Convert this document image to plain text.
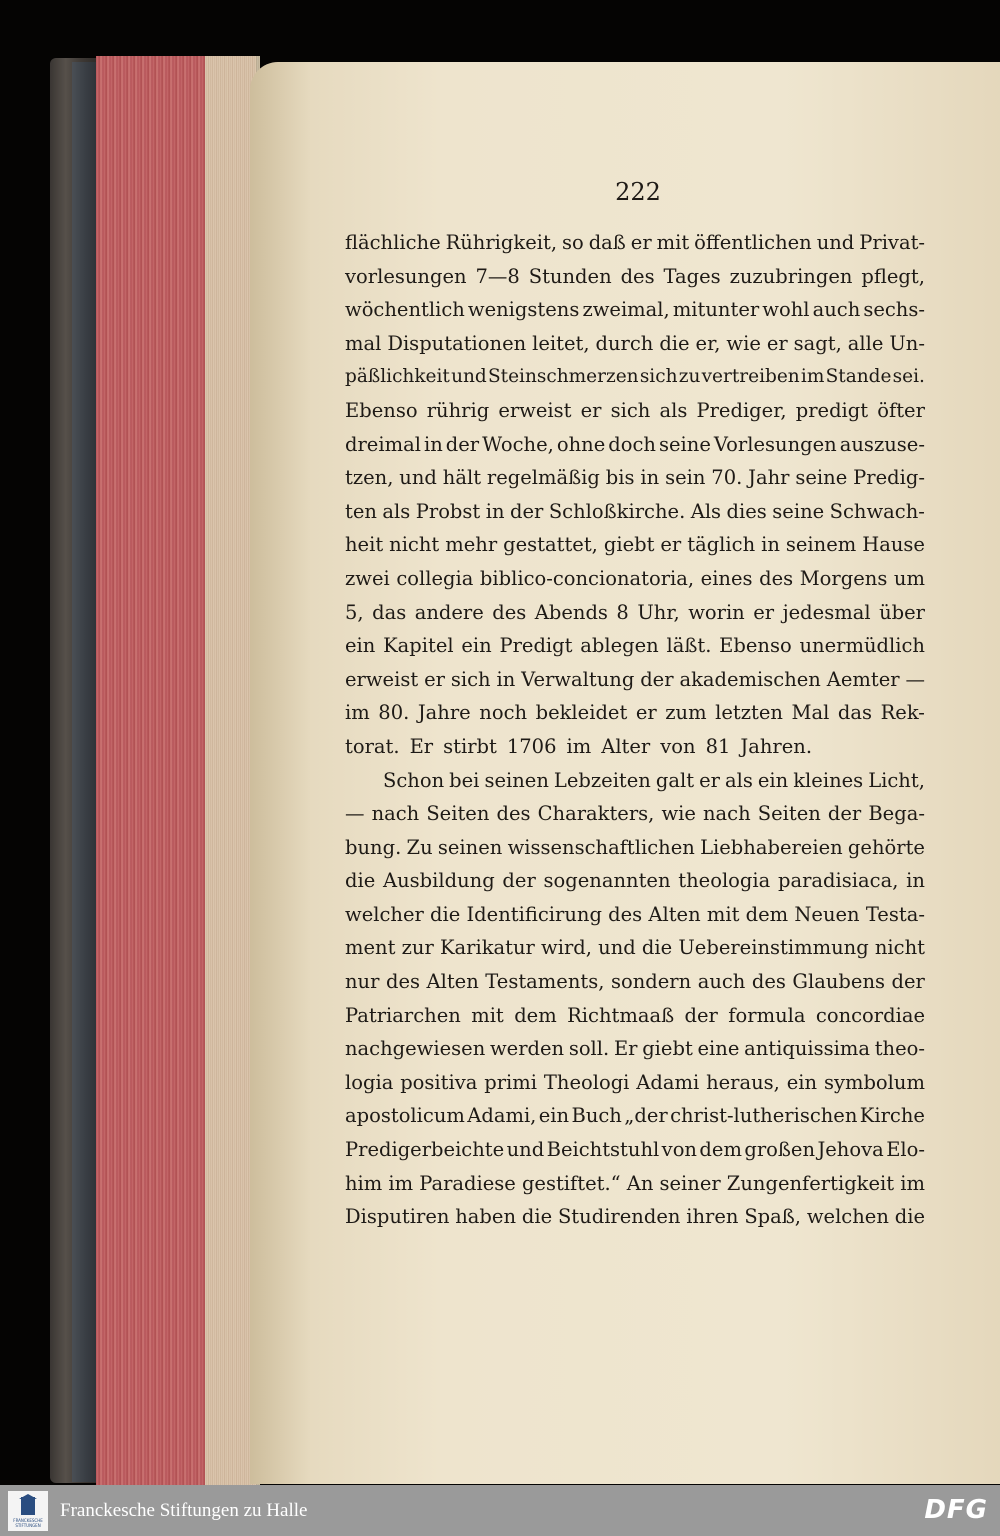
222
flächliche Rührigkeit, so daß er mit öffentlichen und Privat-
vorlesungen 7—8 Stunden des Tages zuzubringen pflegt,
wöchentlich wenigstens zweimal, mitunter wohl auch sechs-
mal Disputationen leitet, durch die er, wie er sagt, alle Un-
päßlichkeit und Steinschmerzen sich zu vertreiben im Stande sei.
Ebenso rührig erweist er sich als Prediger, predigt öfter
dreimal in der Woche, ohne doch seine Vorlesungen auszuse-
tzen, und hält regelmäßig bis in sein 70. Jahr seine Predig-
ten als Probst in der Schloßkirche. Als dies seine Schwach-
heit nicht mehr gestattet, giebt er täglich in seinem Hause
zwei collegia biblico-concionatoria, eines des Morgens um
5, das andere des Abends 8 Uhr, worin er jedesmal über
ein Kapitel ein Predigt ablegen läßt. Ebenso unermüdlich
erweist er sich in Verwaltung der akademischen Aemter —
im 80. Jahre noch bekleidet er zum letzten Mal das Rek-
torat. Er stirbt 1706 im Alter von 81 Jahren.
Schon bei seinen Lebzeiten galt er als ein kleines Licht,
— nach Seiten des Charakters, wie nach Seiten der Bega-
bung. Zu seinen wissenschaftlichen Liebhabereien gehörte
die Ausbildung der sogenannten theologia paradisiaca, in
welcher die Identificirung des Alten mit dem Neuen Testa-
ment zur Karikatur wird, und die Uebereinstimmung nicht
nur des Alten Testaments, sondern auch des Glaubens der
Patriarchen mit dem Richtmaaß der formula concordiae
nachgewiesen werden soll. Er giebt eine antiquissima theo-
logia positiva primi Theologi Adami heraus, ein symbolum
apostolicum Adami, ein Buch „der christ-lutherischen Kirche
Predigerbeichte und Beichtstuhl von dem großen Jehova Elo-
him im Paradiese gestiftet.“ An seiner Zungenfertigkeit im
Disputiren haben die Studirenden ihren Spaß, welchen die
FRANCKESCHE STIFTUNGEN
Franckesche Stiftungen zu Halle	DFG
